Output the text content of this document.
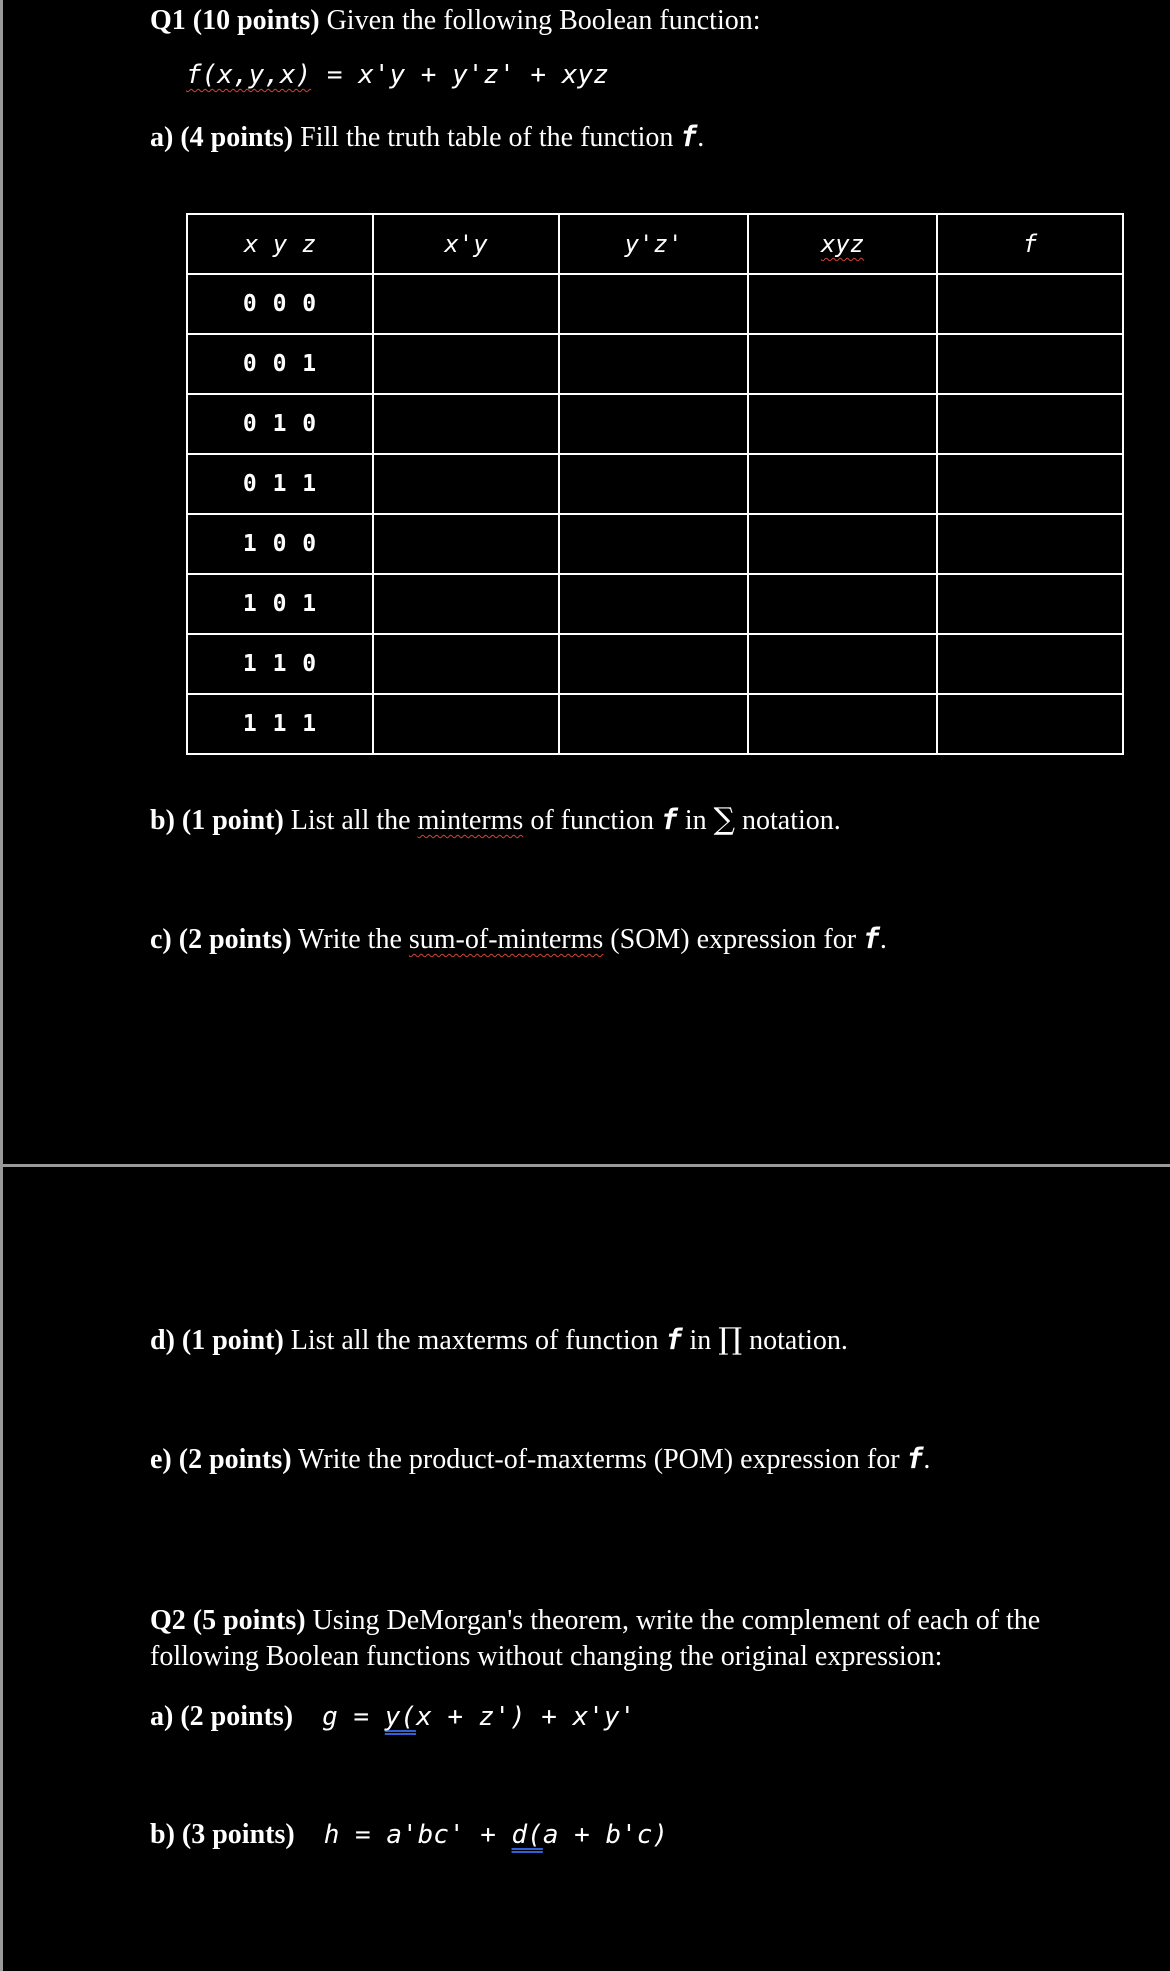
Q1 (10 points) Given the following Boolean function:
f(x,y,x) = x'y + y'z' + xyz
a) (4 points) Fill the truth table of the function f.
x y z	x'y	y'z'	xyz	f
0 0 0				
0 0 1				
0 1 0				
0 1 1				
1 0 0				
1 0 1				
1 1 0				
1 1 1				
b) (1 point) List all the minterms of function f in ∑ notation.
c) (2 points) Write the sum-of-minterms (SOM) expression for f.
d) (1 point) List all the maxterms of function f in ∏ notation.
e) (2 points) Write the product-of-maxterms (POM) expression for f.
Q2 (5 points) Using DeMorgan's theorem, write the complement of each of the
following Boolean functions without changing the original expression:
a) (2 points) g = y(x + z') + x'y'
b) (3 points) h = a'bc' + d(a + b'c)
